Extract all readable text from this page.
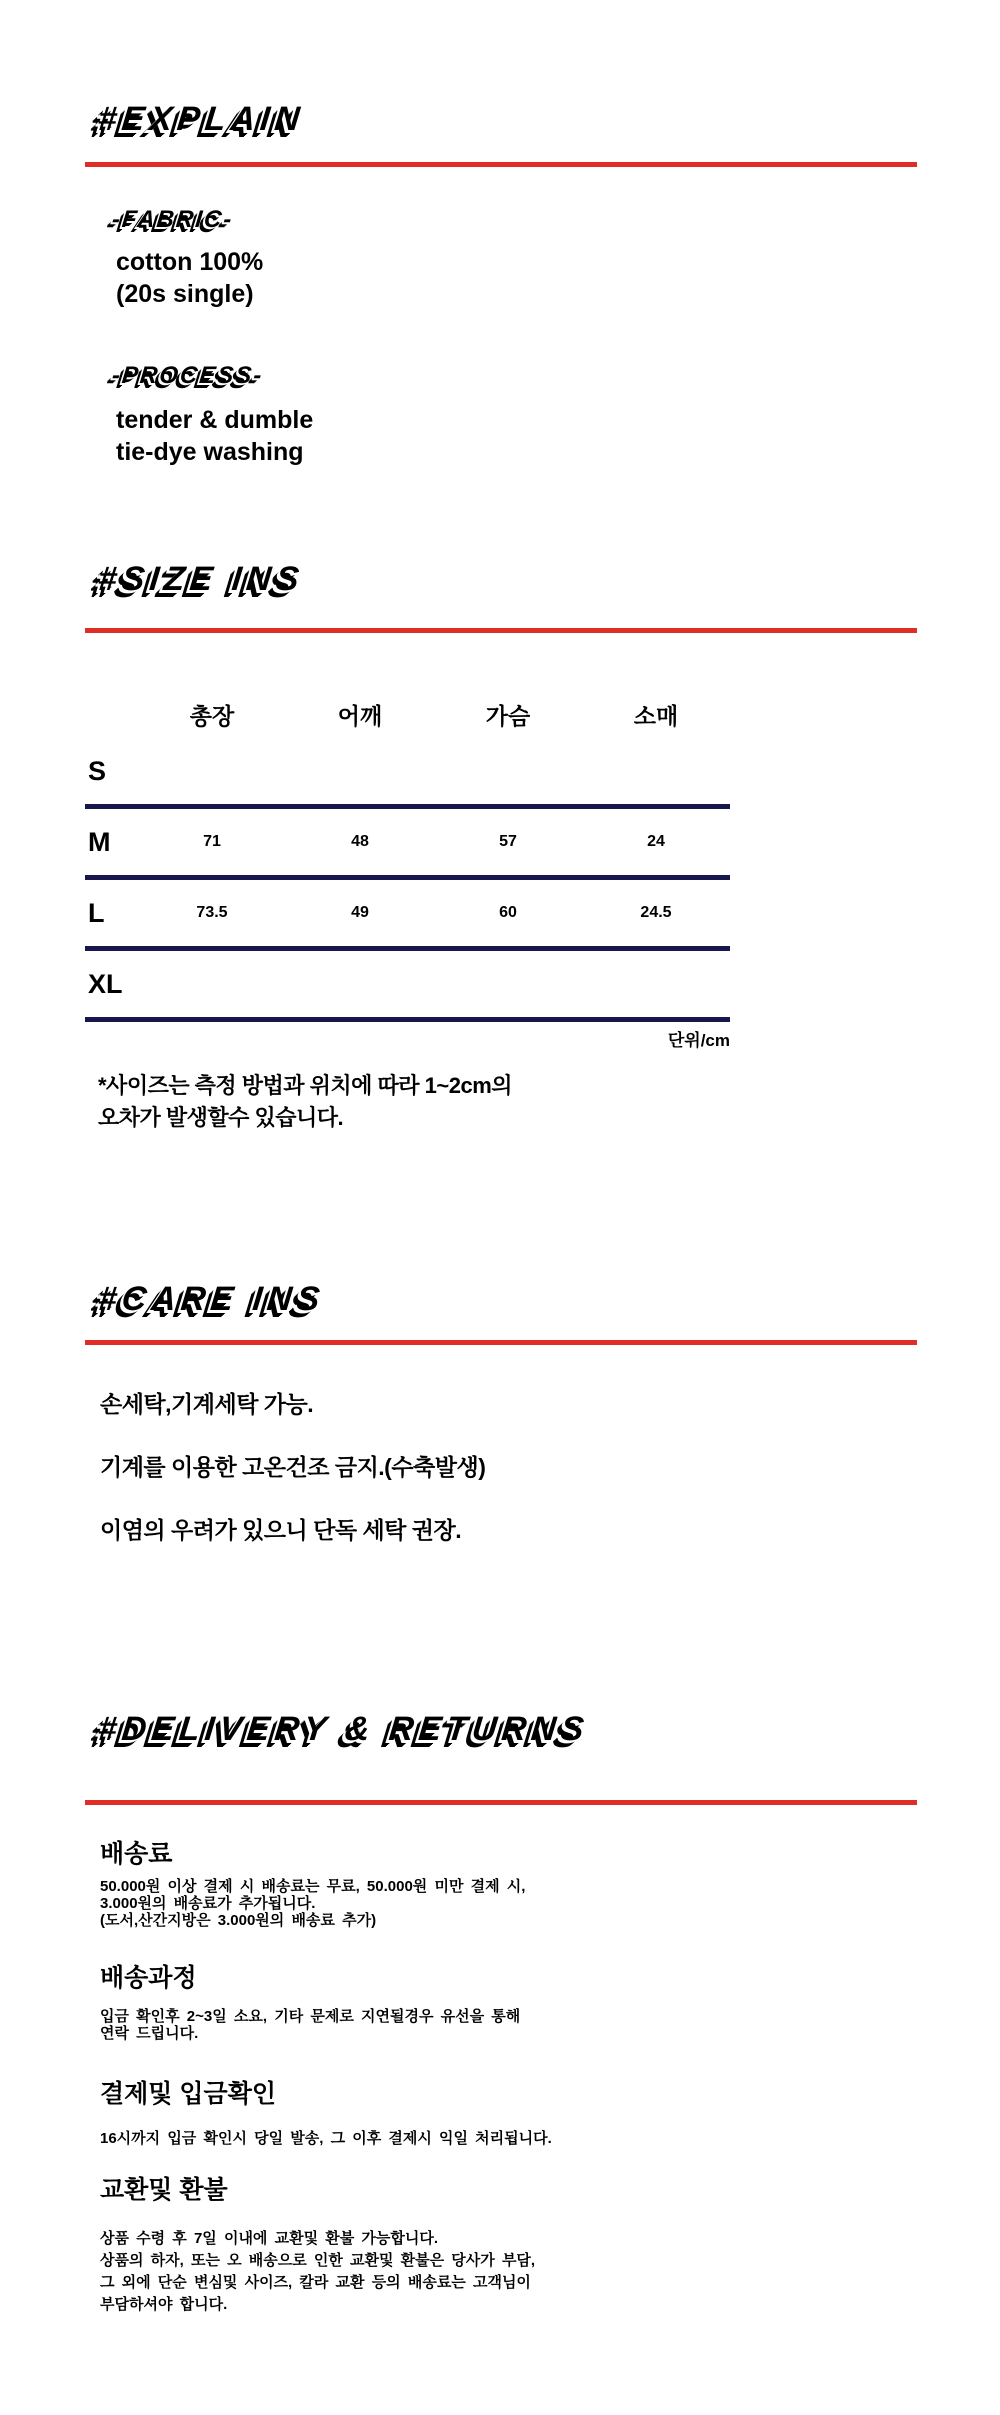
#EXPLAIN
-FABRIC-
cotton 100%
(20s single)
-PROCESS-
tender & dumble
tie-dye washing
#SIZE INS
총장	어깨	가슴	소매
S
M	71	48	57	24
L	73.5	49	60	24.5
XL
단위/cm
*사이즈는 측정 방법과 위치에 따라 1~2cm의
오차가 발생할수 있습니다.
#CARE INS
손세탁,기계세탁 가능.
기계를 이용한 고온건조 금지.(수축발생)
이염의 우려가 있으니 단독 세탁 권장.
#DELIVERY & RETURNS
배송료
50.000원 이상 결제 시 배송료는 무료, 50.000원 미만 결제 시,
3.000원의 배송료가 추가됩니다.
(도서,산간지방은 3.000원의 배송료 추가)
배송과정
입금 확인후 2~3일 소요, 기타 문제로 지연될경우 유선을 통해
연락 드립니다.
결제및 입금확인
16시까지 입금 확인시 당일 발송, 그 이후 결제시 익일 처리됩니다.
교환및 환불
상품 수령 후 7일 이내에 교환및 환불 가능합니다.
상품의 하자, 또는 오 배송으로 인한 교환및 환불은 당사가 부담,
그 외에 단순 변심및 사이즈, 칼라 교환 등의 배송료는 고객님이
부담하셔야 합니다.
